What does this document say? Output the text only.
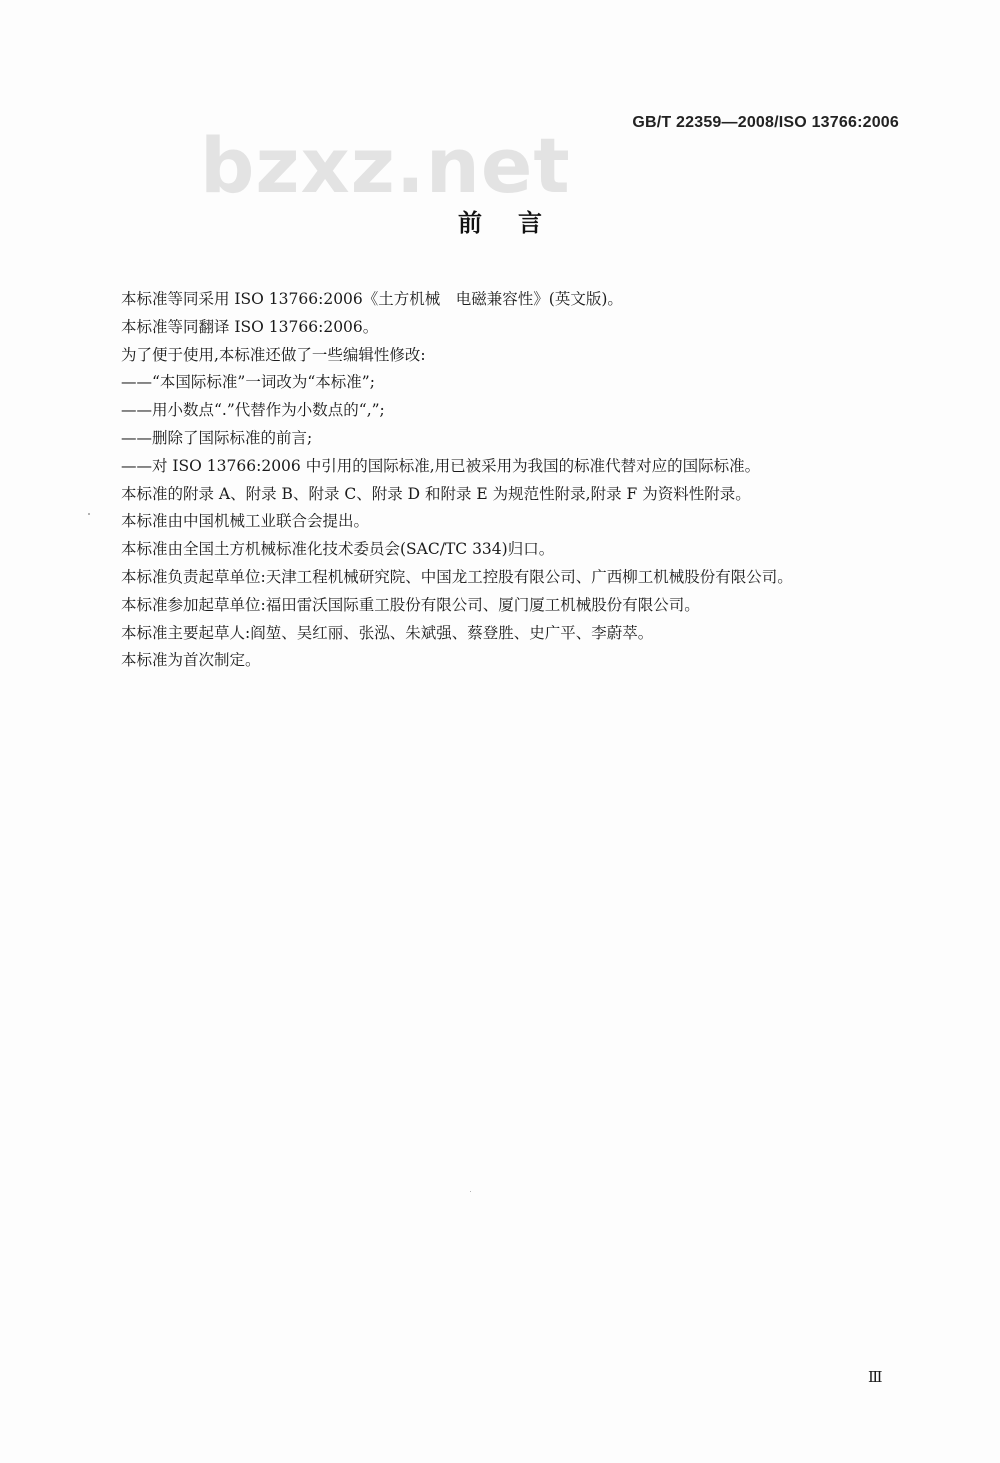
GB/T 22359—2008/ISO 13766:2006
bzxz.net
前言

本标准等同采用 ISO 13766:2006《土方机械　电磁兼容性》(英文版)。

本标准等同翻译 ISO 13766:2006。

为了便于使用,本标准还做了一些编辑性修改:

——“本国际标准”一词改为“本标准”;

——用小数点“.”代替作为小数点的“,”;

——删除了国际标准的前言;

——对 ISO 13766:2006 中引用的国际标准,用已被采用为我国的标准代替对应的国际标准。

本标准的附录 A、附录 B、附录 C、附录 D 和附录 E 为规范性附录,附录 F 为资料性附录。

本标准由中国机械工业联合会提出。

本标准由全国土方机械标准化技术委员会(SAC/TC 334)归口。

本标准负责起草单位:天津工程机械研究院、中国龙工控股有限公司、广西柳工机械股份有限公司。

本标准参加起草单位:福田雷沃国际重工股份有限公司、厦门厦工机械股份有限公司。

本标准主要起草人:阎堃、吴红丽、张泓、朱斌强、蔡登胜、史广平、李蔚萃。

本标准为首次制定。

Ⅲ
